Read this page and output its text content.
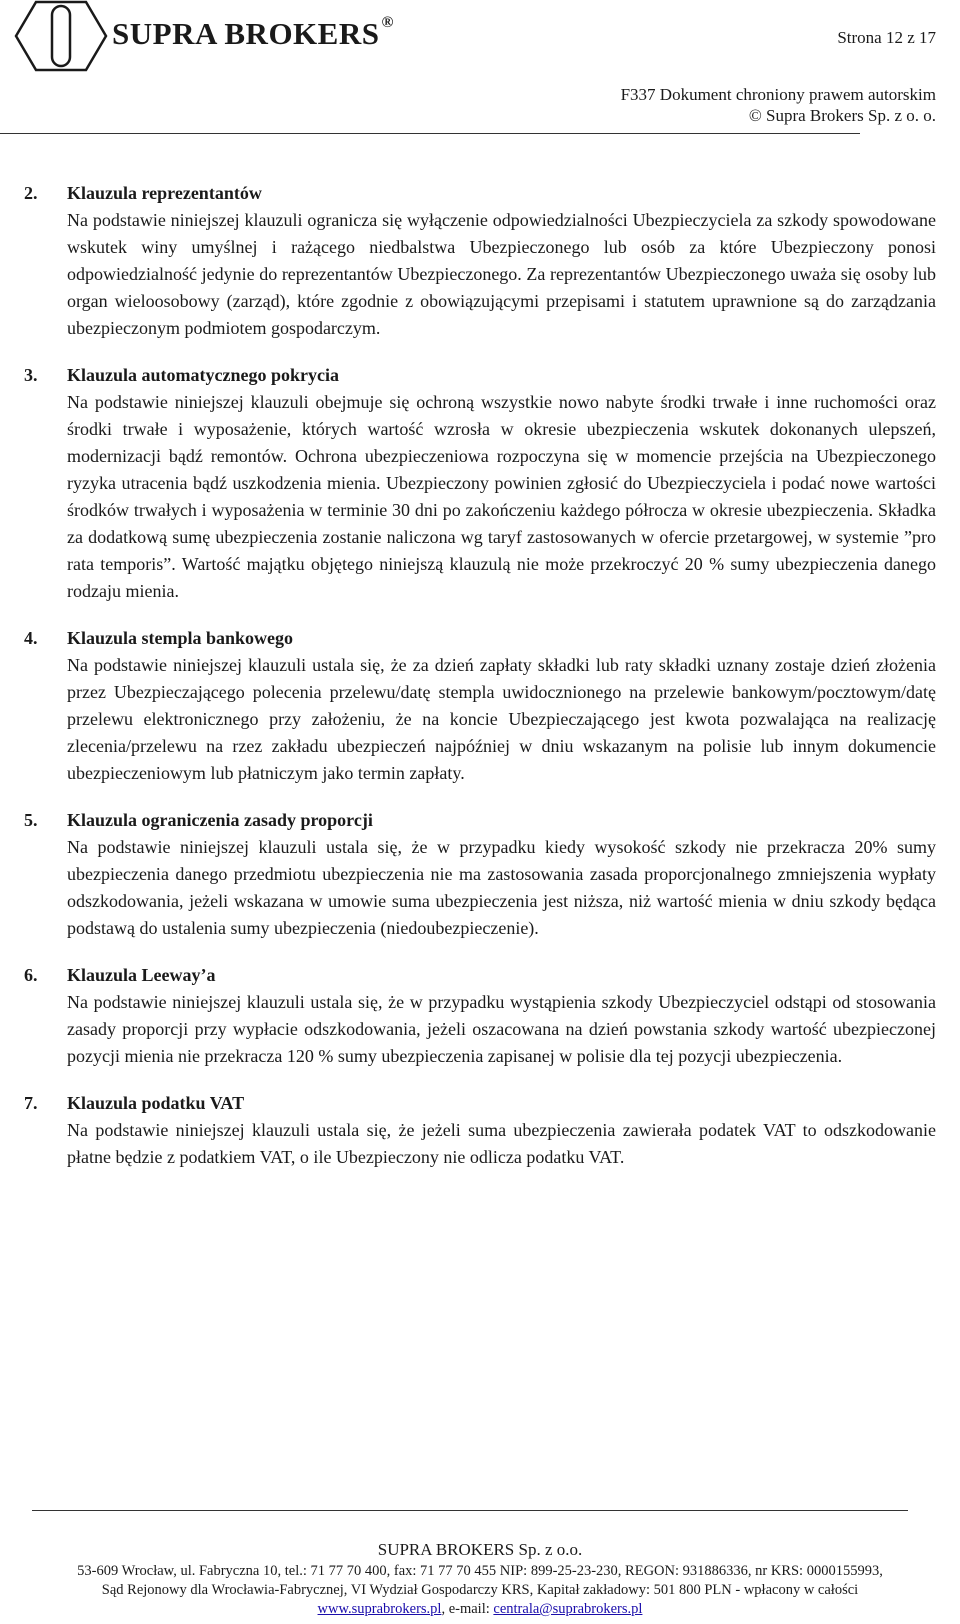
SUPRA BROKERS ®
Strona 12 z 17
F337 Dokument chroniony prawem autorskim
© Supra Brokers Sp. z o. o.
2.	Klauzula reprezentantów
Na podstawie niniejszej klauzuli ogranicza się wyłączenie odpowiedzialności Ubezpieczyciela za szkody spowodowane wskutek winy umyślnej i rażącego niedbalstwa Ubezpieczonego lub osób za które Ubezpieczony ponosi odpowiedzialność jedynie do reprezentantów Ubezpieczonego. Za reprezentantów Ubezpieczonego uważa się osoby lub organ wieloosobowy (zarząd), które zgodnie z obowiązującymi przepisami i statutem uprawnione są do zarządzania ubezpieczonym podmiotem gospodarczym.
3.	Klauzula automatycznego pokrycia
Na podstawie niniejszej klauzuli obejmuje się ochroną wszystkie nowo nabyte środki trwałe i inne ruchomości oraz środki trwałe i wyposażenie, których wartość wzrosła w okresie ubezpieczenia wskutek dokonanych ulepszeń, modernizacji bądź remontów. Ochrona ubezpieczeniowa rozpoczyna się w momencie przejścia na Ubezpieczonego ryzyka utracenia bądź uszkodzenia mienia. Ubezpieczony powinien zgłosić do Ubezpieczyciela i podać nowe wartości środków trwałych i wyposażenia w terminie 30 dni po zakończeniu każdego półrocza w okresie ubezpieczenia. Składka za dodatkową sumę ubezpieczenia zostanie naliczona wg taryf zastosowanych w ofercie przetargowej, w systemie ”pro rata temporis”. Wartość majątku objętego niniejszą klauzulą nie może przekroczyć 20 % sumy ubezpieczenia danego rodzaju mienia.
4.	Klauzula stempla bankowego
Na podstawie niniejszej klauzuli ustala się, że za dzień zapłaty składki lub raty składki uznany zostaje dzień złożenia przez Ubezpieczającego polecenia przelewu/datę stempla uwidocznionego na przelewie bankowym/pocztowym/datę przelewu elektronicznego przy założeniu, że na koncie Ubezpieczającego jest kwota pozwalająca na realizację zlecenia/przelewu na rzez zakładu ubezpieczeń najpóźniej w dniu wskazanym na polisie lub innym dokumencie ubezpieczeniowym lub płatniczym jako termin zapłaty.
5.	Klauzula ograniczenia zasady proporcji
Na podstawie niniejszej klauzuli ustala się, że w przypadku kiedy wysokość szkody nie przekracza 20% sumy ubezpieczenia danego przedmiotu ubezpieczenia nie ma zastosowania zasada proporcjonalnego zmniejszenia wypłaty odszkodowania, jeżeli wskazana w umowie suma ubezpieczenia jest niższa, niż wartość mienia w dniu szkody będąca podstawą do ustalenia sumy ubezpieczenia (niedoubezpieczenie).
6.	Klauzula Leeway’a
Na podstawie niniejszej klauzuli ustala się, że w przypadku wystąpienia szkody Ubezpieczyciel odstąpi od stosowania zasady proporcji przy wypłacie odszkodowania, jeżeli oszacowana na dzień powstania szkody wartość ubezpieczonej pozycji mienia nie przekracza 120 % sumy ubezpieczenia zapisanej w polisie dla tej pozycji ubezpieczenia.
7.	Klauzula podatku VAT
Na podstawie niniejszej klauzuli ustala się, że jeżeli suma ubezpieczenia zawierała podatek VAT to odszkodowanie płatne będzie z podatkiem VAT, o ile Ubezpieczony nie odlicza podatku VAT.
SUPRA BROKERS Sp. z o.o.
53-609 Wrocław, ul. Fabryczna 10, tel.: 71 77 70 400, fax: 71 77 70 455 NIP: 899-25-23-230, REGON: 931886336, nr KRS: 0000155993,
Sąd Rejonowy dla Wrocławia-Fabrycznej, VI Wydział Gospodarczy KRS, Kapitał zakładowy: 501 800 PLN - wpłacony w całości
www.suprabrokers.pl, e-mail: centrala@suprabrokers.pl
